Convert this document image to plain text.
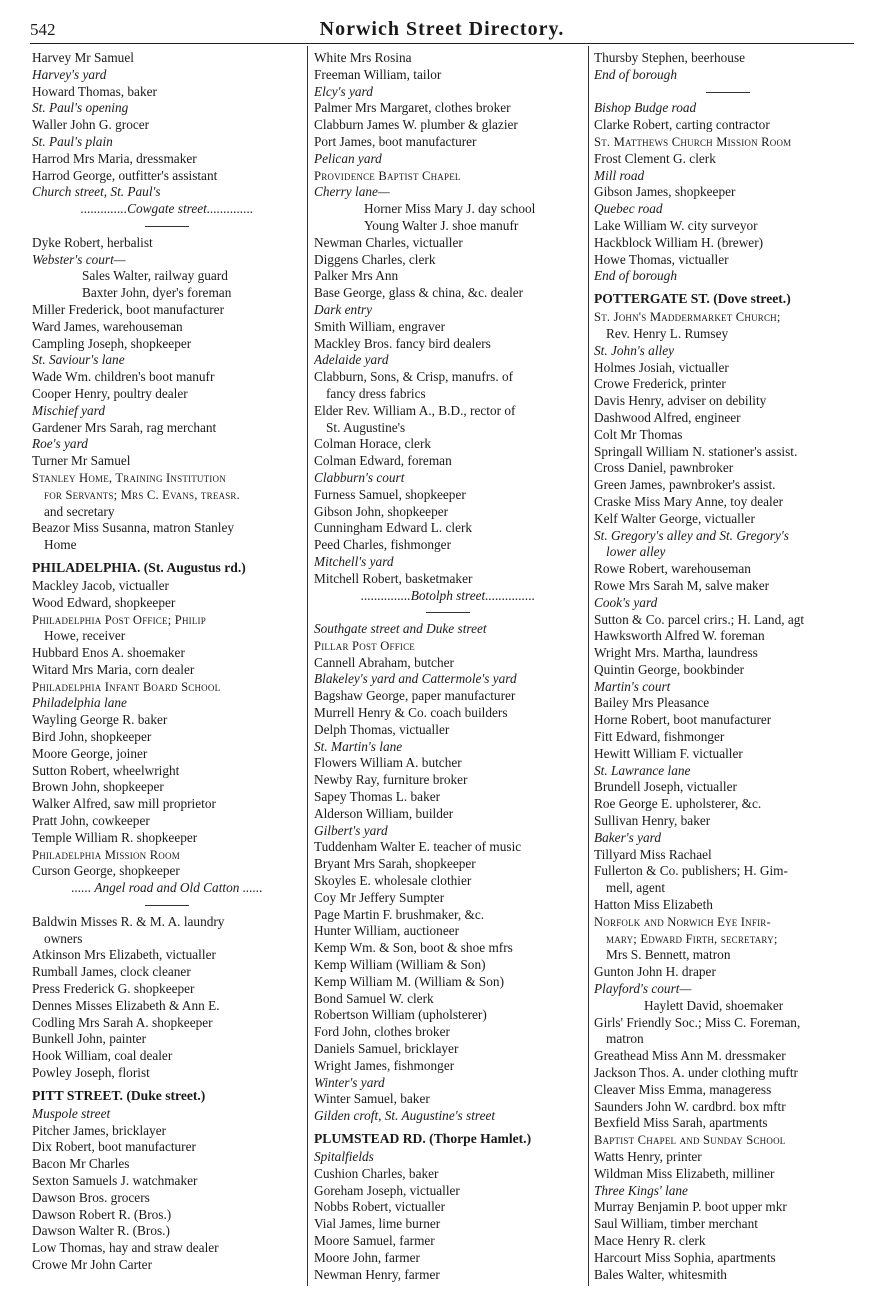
542	Norwich Street Directory.
Harvey Mr Samuel
Harvey's yard
Howard Thomas, baker
St. Paul's opening
Waller John G. grocer
St. Paul's plain
Harrod Mrs Maria, dressmaker
Harrod George, outfitter's assistant
Church street, St. Paul's
..............Cowgate street..............
Dyke Robert, herbalist
Webster's court—
Sales Walter, railway guard
Baxter John, dyer's foreman
Miller Frederick, boot manufacturer
Ward James, warehouseman
Campling Joseph, shopkeeper
St. Saviour's lane
Wade Wm. children's boot manufr
Cooper Henry, poultry dealer
Mischief yard
Gardener Mrs Sarah, rag merchant
Roe's yard
Turner Mr Samuel
Stanley Home, Training Institution
for Servants; Mrs C. Evans, treasr.
and secretary
Beazor Miss Susanna, matron Stanley
Home
PHILADELPHIA. (St. Augustus rd.)
Mackley Jacob, victualler
Wood Edward, shopkeeper
Philadelphia Post Office; Philip
Howe, receiver
Hubbard Enos A. shoemaker
Witard Mrs Maria, corn dealer
Philadelphia Infant Board School
Philadelphia lane
Wayling George R. baker
Bird John, shopkeeper
Moore George, joiner
Sutton Robert, wheelwright
Brown John, shopkeeper
Walker Alfred, saw mill proprietor
Pratt John, cowkeeper
Temple William R. shopkeeper
Philadelphia Mission Room
Curson George, shopkeeper
...... Angel road and Old Catton ......
Baldwin Misses R. & M. A. laundry
owners
Atkinson Mrs Elizabeth, victualler
Rumball James, clock cleaner
Press Frederick G. shopkeeper
Dennes Misses Elizabeth & Ann E.
Codling Mrs Sarah A. shopkeeper
Bunkell John, painter
Hook William, coal dealer
Powley Joseph, florist
PITT STREET. (Duke street.)
Muspole street
Pitcher James, bricklayer
Dix Robert, boot manufacturer
Bacon Mr Charles
Sexton Samuels J. watchmaker
Dawson Bros. grocers
Dawson Robert R. (Bros.)
Dawson Walter R. (Bros.)
Low Thomas, hay and straw dealer
Crowe Mr John Carter
White Mrs Rosina
Freeman William, tailor
Elcy's yard
Palmer Mrs Margaret, clothes broker
Clabburn James W. plumber & glazier
Port James, boot manufacturer
Pelican yard
Providence Baptist Chapel
Cherry lane—
Horner Miss Mary J. day school
Young Walter J. shoe manufr
Newman Charles, victualler
Diggens Charles, clerk
Palker Mrs Ann
Base George, glass & china, &c. dealer
Dark entry
Smith William, engraver
Mackley Bros. fancy bird dealers
Adelaide yard
Clabburn, Sons, & Crisp, manufrs. of
fancy dress fabrics
Elder Rev. William A., B.D., rector of
St. Augustine's
Colman Horace, clerk
Colman Edward, foreman
Clabburn's court
Furness Samuel, shopkeeper
Gibson John, shopkeeper
Cunningham Edward L. clerk
Peed Charles, fishmonger
Mitchell's yard
Mitchell Robert, basketmaker
...............Botolph street...............
Southgate street and Duke street
Pillar Post Office
Cannell Abraham, butcher
Blakeley's yard and Cattermole's yard
Bagshaw George, paper manufacturer
Murrell Henry & Co. coach builders
Delph Thomas, victualler
St. Martin's lane
Flowers William A. butcher
Newby Ray, furniture broker
Sapey Thomas L. baker
Alderson William, builder
Gilbert's yard
Tuddenham Walter E. teacher of music
Bryant Mrs Sarah, shopkeeper
Skoyles E. wholesale clothier
Coy Mr Jeffery Sumpter
Page Martin F. brushmaker, &c.
Hunter William, auctioneer
Kemp Wm. & Son, boot & shoe mfrs
Kemp William (William & Son)
Kemp William M. (William & Son)
Bond Samuel W. clerk
Robertson William (upholsterer)
Ford John, clothes broker
Daniels Samuel, bricklayer
Wright James, fishmonger
Winter's yard
Winter Samuel, baker
Gilden croft, St. Augustine's street
PLUMSTEAD RD. (Thorpe Hamlet.)
Spitalfields
Cushion Charles, baker
Goreham Joseph, victualler
Nobbs Robert, victualler
Vial James, lime burner
Moore Samuel, farmer
Moore John, farmer
Newman Henry, farmer
Thursby Stephen, beerhouse
End of borough
Bishop Budge road
Clarke Robert, carting contractor
St. Matthews Church Mission Room
Frost Clement G. clerk
Mill road
Gibson James, shopkeeper
Quebec road
Lake William W. city surveyor
Hackblock William H. (brewer)
Howe Thomas, victualler
End of borough
POTTERGATE ST. (Dove street.)
St. John's Maddermarket Church;
Rev. Henry L. Rumsey
St. John's alley
Holmes Josiah, victualler
Crowe Frederick, printer
Davis Henry, adviser on debility
Dashwood Alfred, engineer
Colt Mr Thomas
Springall William N. stationer's assist.
Cross Daniel, pawnbroker
Green James, pawnbroker's assist.
Craske Miss Mary Anne, toy dealer
Kelf Walter George, victualler
St. Gregory's alley and St. Gregory's
lower alley
Rowe Robert, warehouseman
Rowe Mrs Sarah M, salve maker
Cook's yard
Sutton & Co. parcel crirs.; H. Land, agt
Hawksworth Alfred W. foreman
Wright Mrs. Martha, laundress
Quintin George, bookbinder
Martin's court
Bailey Mrs Pleasance
Horne Robert, boot manufacturer
Fitt Edward, fishmonger
Hewitt William F. victualler
St. Lawrance lane
Brundell Joseph, victualler
Roe George E. upholsterer, &c.
Sullivan Henry, baker
Baker's yard
Tillyard Miss Rachael
Fullerton & Co. publishers; H. Gim-
mell, agent
Hatton Miss Elizabeth
Norfolk and Norwich Eye Infir-
mary; Edward Firth, secretary;
Mrs S. Bennett, matron
Gunton John H. draper
Playford's court—
Haylett David, shoemaker
Girls' Friendly Soc.; Miss C. Foreman,
matron
Greathead Miss Ann M. dressmaker
Jackson Thos. A. under clothing muftr
Cleaver Miss Emma, manageress
Saunders John W. cardbrd. box mftr
Bexfield Miss Sarah, apartments
Baptist Chapel and Sunday School
Watts Henry, printer
Wildman Miss Elizabeth, milliner
Three Kings' lane
Murray Benjamin P. boot upper mkr
Saul William, timber merchant
Mace Henry R. clerk
Harcourt Miss Sophia, apartments
Bales Walter, whitesmith
